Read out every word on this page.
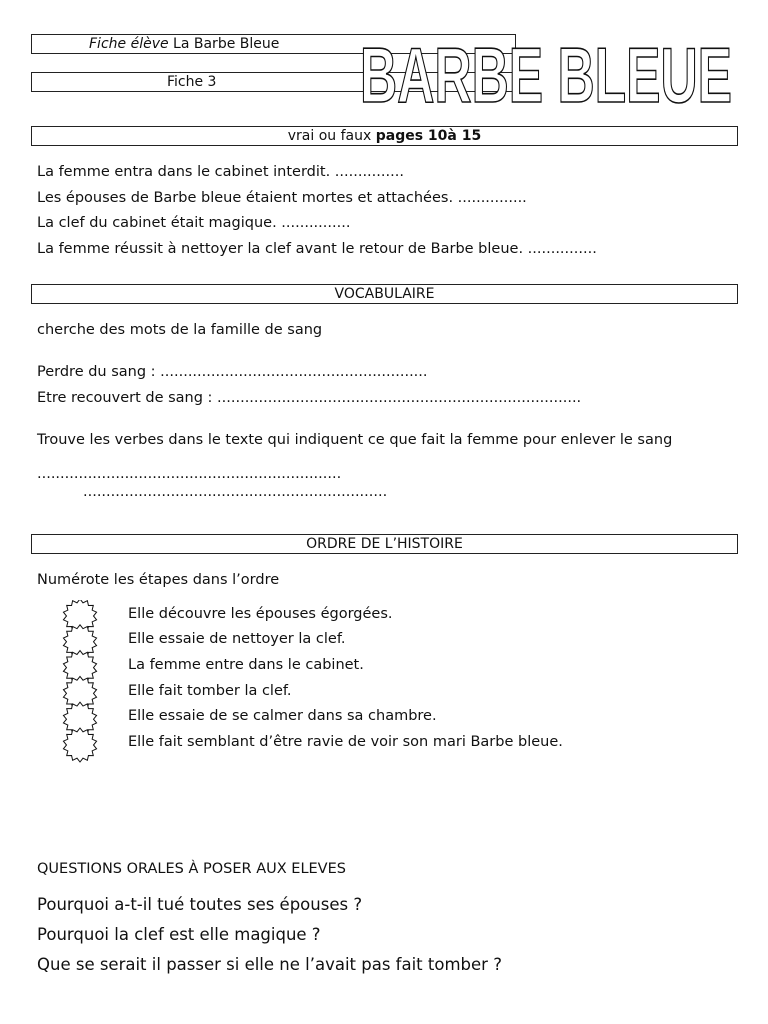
Fiche élève La Barbe Bleue
Fiche 3 BARBE BLEUE
vrai ou faux pages 10à 15
La femme entra dans le cabinet interdit. ...............
Les épouses de Barbe bleue étaient mortes et attachées. ...............
La clef du cabinet était magique. ...............
La femme réussit à nettoyer la clef avant le retour de Barbe bleue. ...............
VOCABULAIRE
cherche des mots de la famille de sang
Perdre du sang : ..........................................................
Etre recouvert de sang : ...............................................................................
Trouve les verbes dans le texte qui indiquent ce que fait la femme pour enlever le sang
..................................................................
..................................................................
ORDRE DE L’HISTOIRE
Numérote les étapes dans l’ordre
Elle découvre les épouses égorgées.
Elle essaie de nettoyer la clef.
La femme entre dans le cabinet.
Elle fait tomber la clef.
Elle essaie de se calmer dans sa chambre.
Elle fait semblant d’être ravie de voir son mari Barbe bleue.
QUESTIONS ORALES À POSER AUX ELEVES
Pourquoi a-t-il tué toutes ses épouses ?
Pourquoi la clef est elle magique ?
Que se serait il passer si elle ne l’avait pas fait tomber ?
